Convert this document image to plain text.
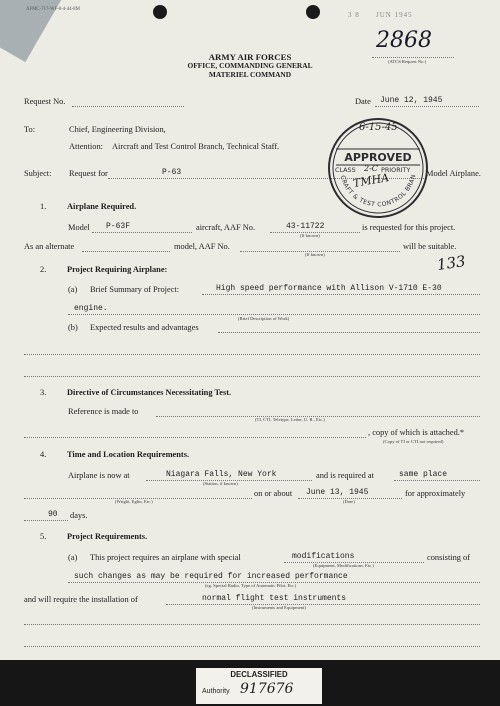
AFMC-717-WF-8-4-44-8M
3 8 JUN 1945
ARMY AIR FORCES
OFFICE, COMMANDING GENERAL
MATERIEL COMMAND
2868
(ATCS Request No.)
Request No.	Date June 12, 1945
To:	Chief, Engineering Division,
Attention: Aircraft and Test Control Branch, Technical Staff.
Subject: Request for	P-63	Model Airplane.
1. Airplane Required.
Model P-63F	aircraft, AAF No.	43-11722
(If known)
is requested for this project.
As an alternate	model, AAF No.
(If known)
will be suitable.
2. Project Requiring Airplane:	133
(a) Brief Summary of Project:	High speed performance with Allison V-1710 E-30
engine.
(Brief Description of Work)
(b) Expected results and advantages
3. Directive of Circumstances Necessitating Test.
Reference is made to
(TI, CTI, Teletype, Letter, U. R., Etc.)
, copy of which is attached.*
(Copy of TI or CTI not required)
4. Time and Location Requirements.
Airplane is now at	Niagara Falls, New York
(Station, if known)
and is required at	same place
(Wright, Eglin, Etc.)
on or about June 13, 1945
(Date)
for approximately
90 days.
5. Project Requirements.
(a) This project requires an airplane with special	modifications
(Equipment, Modifications, Etc.)
consisting of
such changes as may be required for increased performance
(eg. Special Radio, Type of Automatic Pilot, Etc.)
and will require the installation of	normal flight test instruments
(Instruments and Equipment)
CRAFT & TEST CONTROL BRAN
6-15-45
APPROVED
CLASS 2-C PRIORITY
TMHA
DECLASSIFIED
Authority 917676
